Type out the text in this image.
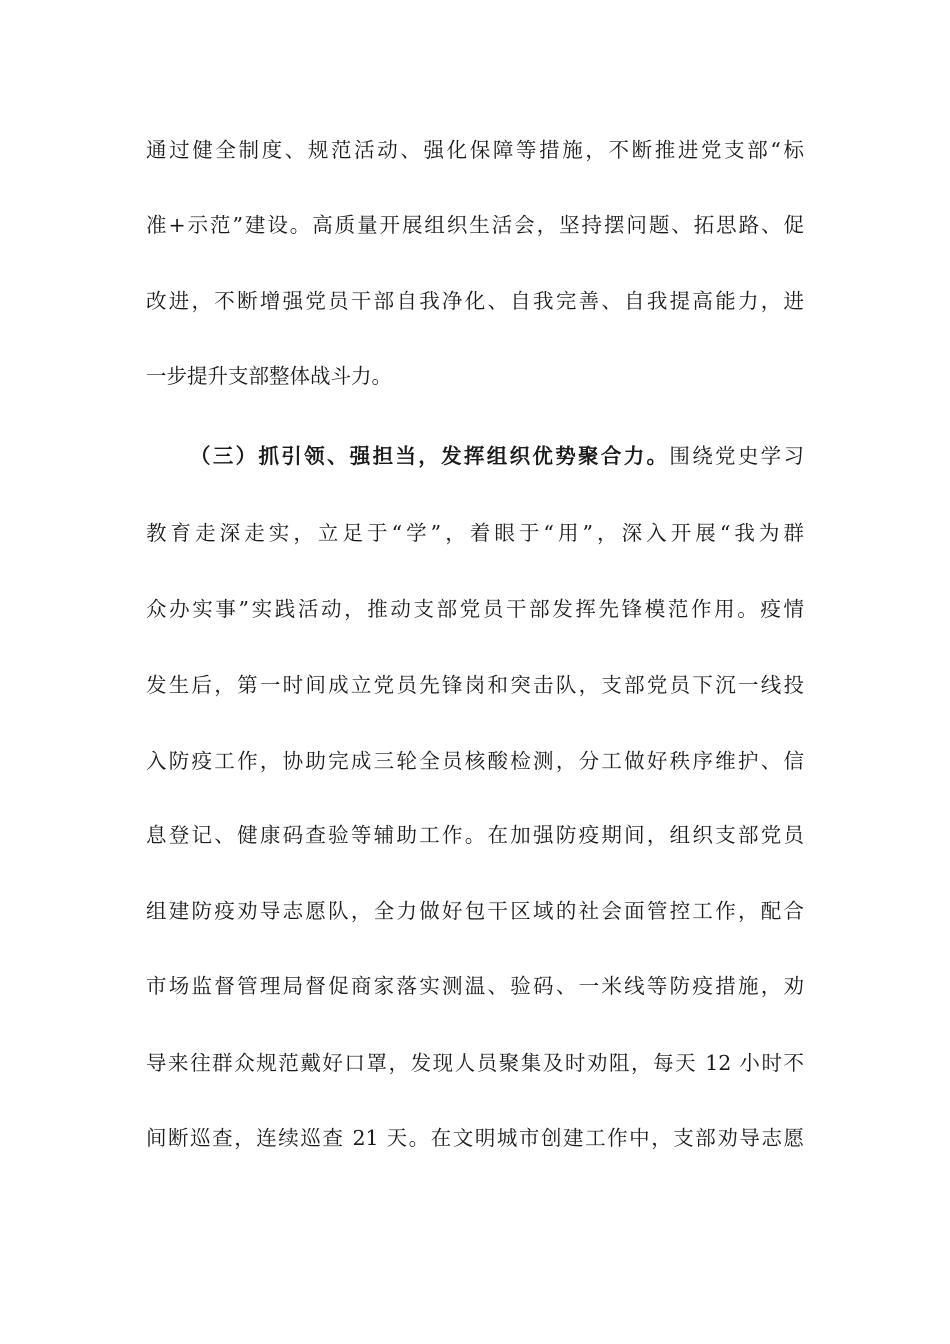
通过健全制度、规范活动、强化保障等措施，不断推进党支部“标
准+示范”建设。高质量开展组织生活会，坚持摆问题、拓思路、促
改进，不断增强党员干部自我净化、自我完善、自我提高能力，进
一步提升支部整体战斗力。
（三）抓引领、强担当，发挥组织优势聚合力。围绕党史学习
教育走深走实，立足于“学”，着眼于“用”，深入开展“我为群
众办实事”实践活动，推动支部党员干部发挥先锋模范作用。疫情
发生后，第一时间成立党员先锋岗和突击队，支部党员下沉一线投
入防疫工作，协助完成三轮全员核酸检测，分工做好秩序维护、信
息登记、健康码查验等辅助工作。在加强防疫期间，组织支部党员
组建防疫劝导志愿队，全力做好包干区域的社会面管控工作，配合
市场监督管理局督促商家落实测温、验码、一米线等防疫措施，劝
导来往群众规范戴好口罩，发现人员聚集及时劝阻，每天 12 小时不
间断巡查，连续巡查 21 天。在文明城市创建工作中，支部劝导志愿
